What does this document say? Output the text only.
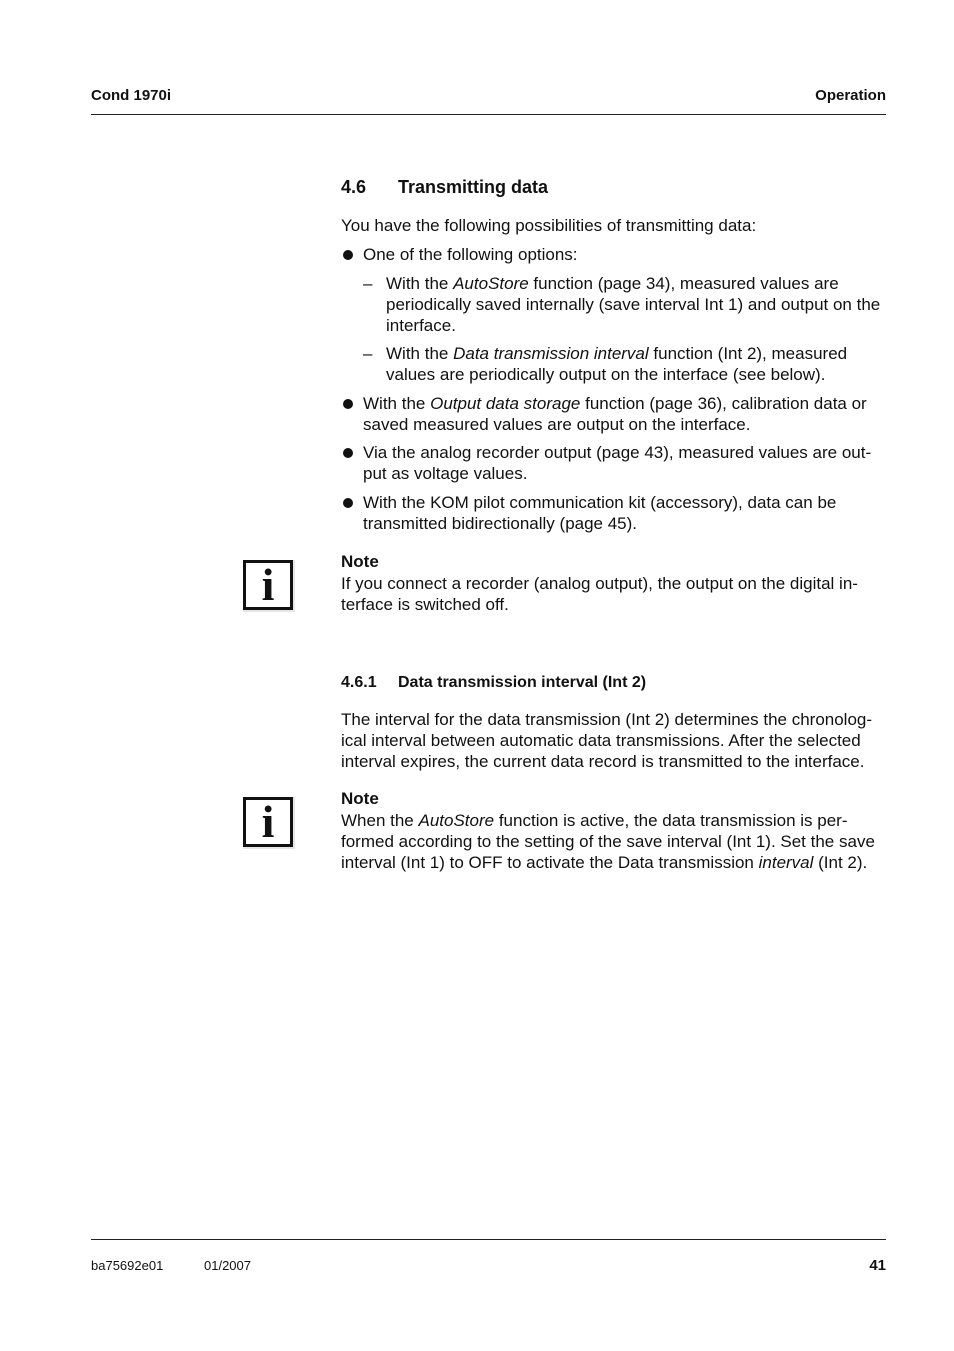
Cond 1970i	Operation
4.6 Transmitting data
You have the following possibilities of transmitting data:
One of the following options:
– With the AutoStore function (page 34), measured values are periodically saved internally (save interval Int 1) and output on the interface.
– With the Data transmission interval function (Int 2), measured values are periodically output on the interface (see below).
With the Output data storage function (page 36), calibration data or saved measured values are output on the interface.
Via the analog recorder output (page 43), measured values are out-put as voltage values.
With the KOM pilot communication kit (accessory), data can be transmitted bidirectionally (page 45).
i	Note
If you connect a recorder (analog output), the output on the digital in-terface is switched off.
4.6.1 Data transmission interval (Int 2)
The interval for the data transmission (Int 2) determines the chronolog-ical interval between automatic data transmissions. After the selected interval expires, the current data record is transmitted to the interface.
i	Note
When the AutoStore function is active, the data transmission is per-formed according to the setting of the save interval (Int 1). Set the save interval (Int 1) to OFF to activate the Data transmission interval (Int 2).
ba75692e01	01/2007	41
